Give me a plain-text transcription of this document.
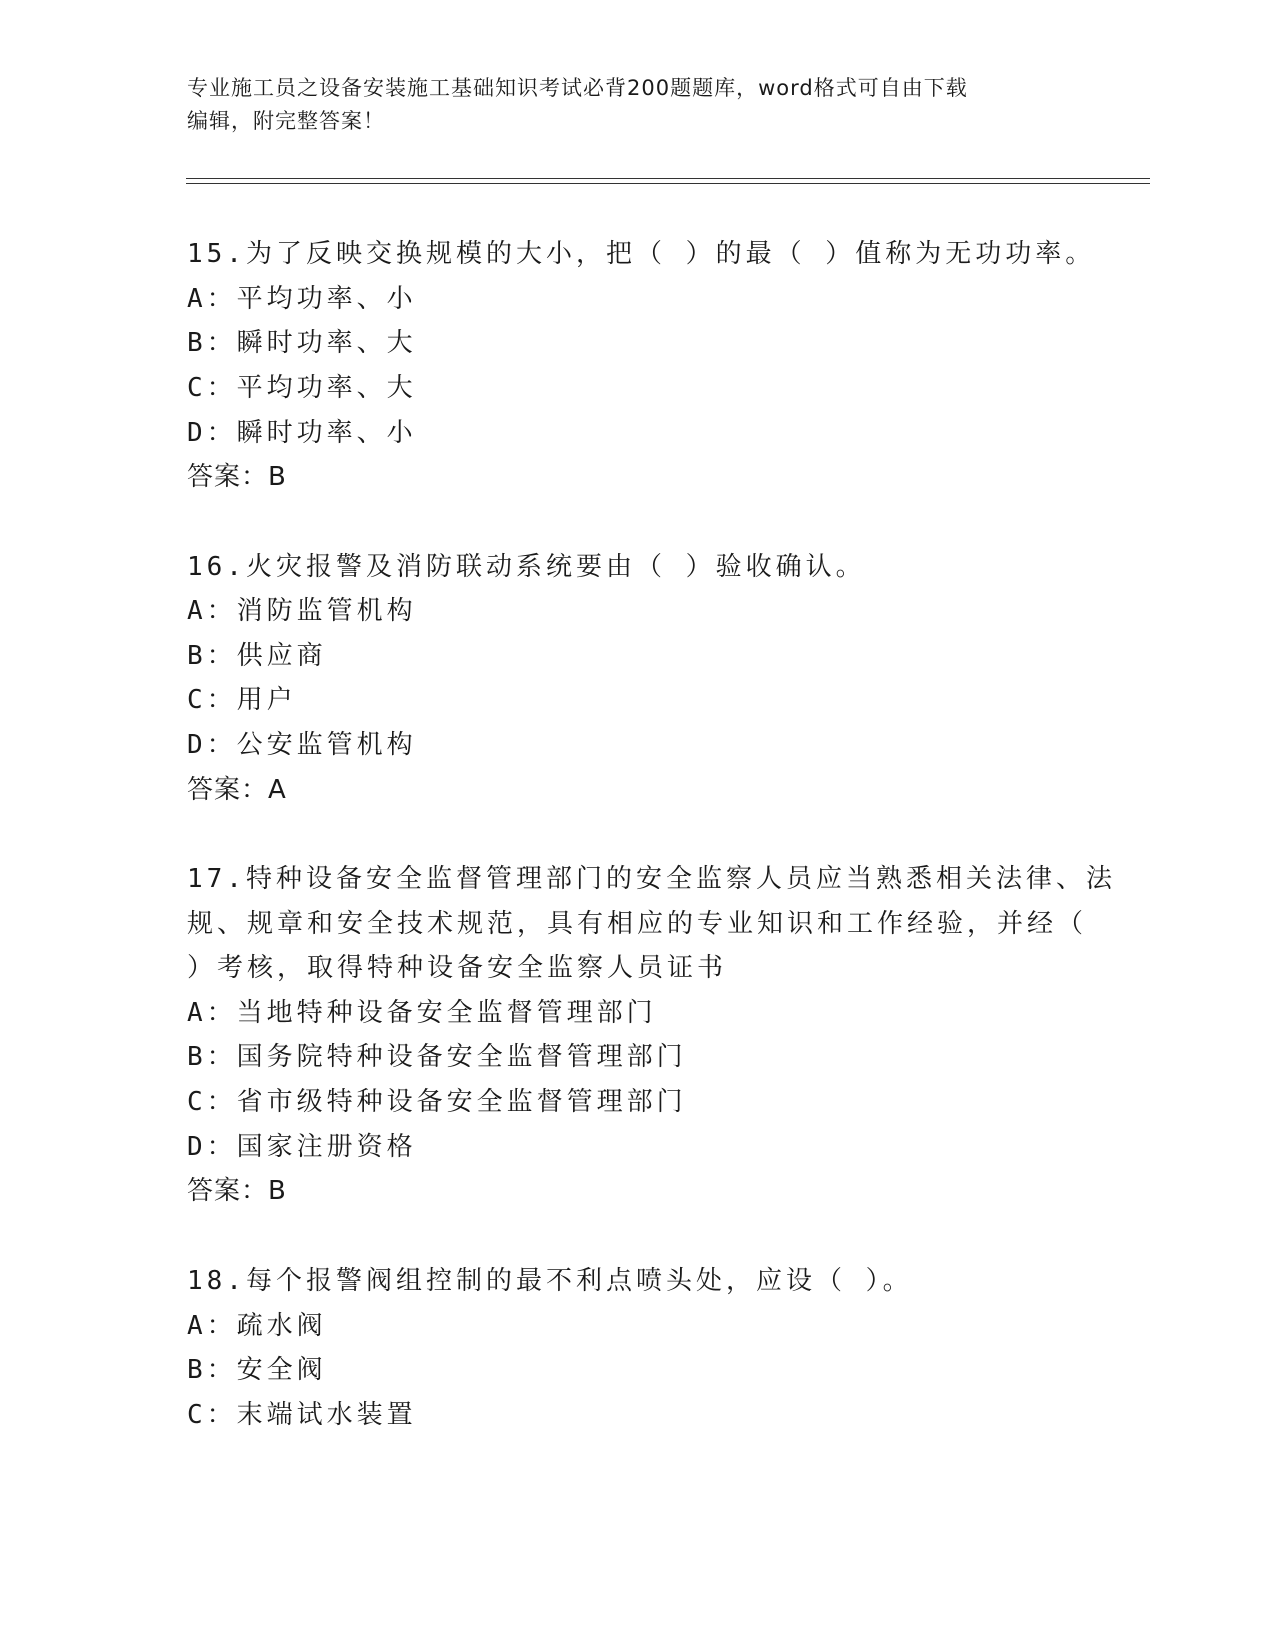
专业施工员之设备安装施工基础知识考试必背200题题库，word格式可自由下载
编辑，附完整答案！
15.为了反映交换规模的大小，把（ ）的最（ ）值称为无功功率。
A：平均功率、小
B：瞬时功率、大
C：平均功率、大
D：瞬时功率、小
答案：B
16.火灾报警及消防联动系统要由（ ）验收确认。
A：消防监管机构
B：供应商
C：用户
D：公安监管机构
答案：A
17.特种设备安全监督管理部门的安全监察人员应当熟悉相关法律、法
规、规章和安全技术规范，具有相应的专业知识和工作经验，并经（
）考核，取得特种设备安全监察人员证书
A：当地特种设备安全监督管理部门
B：国务院特种设备安全监督管理部门
C：省市级特种设备安全监督管理部门
D：国家注册资格
答案：B
18.每个报警阀组控制的最不利点喷头处，应设（ ）。
A：疏水阀
B：安全阀
C：末端试水装置
